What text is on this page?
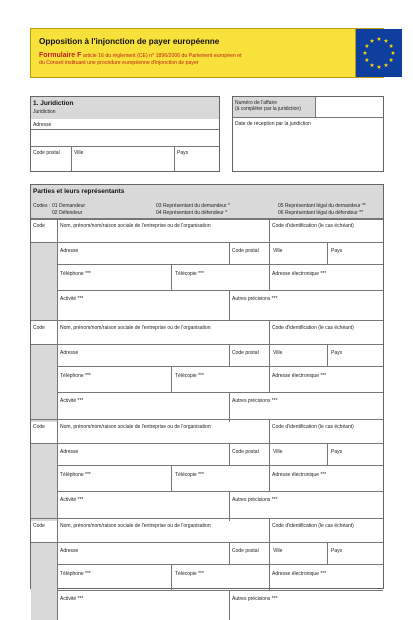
Opposition à l'injonction de payer européenne
Formulaire F article 16 du règlement (CE) n° 1896/2006 du Parlement européen et
du Conseil instituant une procédure européenne d'injonction de payer
1. Juridiction
Juridiction
Adresse
Code postal	Ville	Pays
Numéro de l'affaire
(à compléter par la juridiction)
Date de réception par la juridiction
Parties et leurs représentants
Codes : 01 Demandeur
02 Défendeur
03 Représentant du demandeur *
04 Représentant du défendeur *
05 Représentant légal du demandeur **
06 Représentant légal du défendeur **
Code	Nom, prénom/nom/raison sociale de l'entreprise ou de l'organisation	Code d'identification (le cas échéant)
Adresse	Code postal	Ville	Pays
Téléphone ***	Télécopie ***	Adresse électronique ***
Activité ***	Autres précisions ***
Code	Nom, prénom/nom/raison sociale de l'entreprise ou de l'organisation	Code d'identification (le cas échéant)
Adresse	Code postal	Ville	Pays
Téléphone ***	Télécopie ***	Adresse électronique ***
Activité ***	Autres précisions ***
Code	Nom, prénom/nom/raison sociale de l'entreprise ou de l'organisation	Code d'identification (le cas échéant)
Adresse	Code postal	Ville	Pays
Téléphone ***	Télécopie ***	Adresse électronique ***
Activité ***	Autres précisions ***
Code	Nom, prénom/nom/raison sociale de l'entreprise ou de l'organisation	Code d'identification (le cas échéant)
Adresse	Code postal	Ville	Pays
Téléphone ***	Télécopie ***	Adresse électronique ***
Activité ***	Autres précisions ***
